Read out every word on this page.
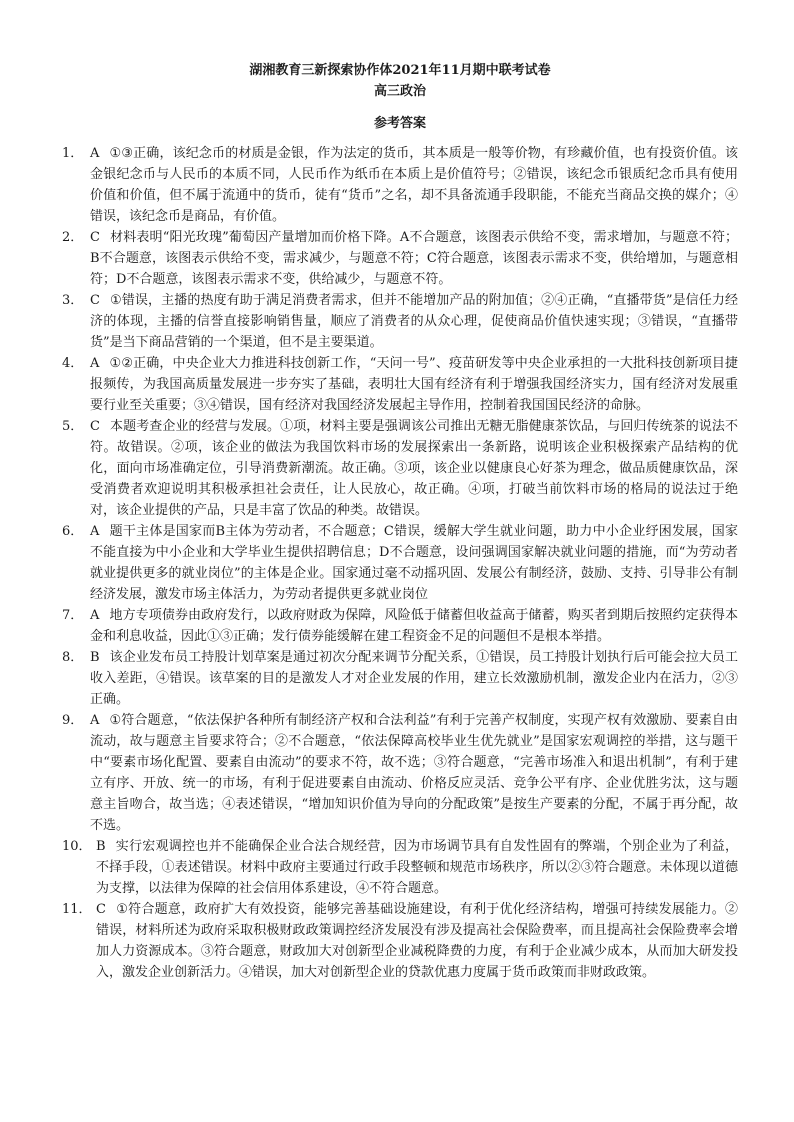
湖湘教育三新探索协作体2021年11月期中联考试卷
高三政治
参考答案
1． A ①③正确，该纪念币的材质是金银，作为法定的货币，其本质是一般等价物，有珍藏价值，也有投资价值。该金银纪念币与人民币的本质不同，人民币作为纸币在本质上是价值符号；②错误，该纪念币银质纪念币具有使用价值和价值，但不属于流通中的货币，徒有“货币”之名，却不具备流通手段职能，不能充当商品交换的媒介；④错误，该纪念币是商品，有价值。
2． C 材料表明“阳光玫瑰”葡萄因产量增加而价格下降。A不合题意，该图表示供给不变，需求增加，与题意不符；B不合题意，该图表示供给不变，需求减少，与题意不符；C符合题意，该图表示需求不变，供给增加，与题意相符；D不合题意，该图表示需求不变，供给减少，与题意不符。
3． C ①错误，主播的热度有助于满足消费者需求，但并不能增加产品的附加值；②④正确，“直播带货”是信任力经济的体现，主播的信誉直接影响销售量，顺应了消费者的从众心理，促使商品价值快速实现；③错误，“直播带货”是当下商品营销的一个渠道，但不是主要渠道。
4． A ①②正确，中央企业大力推进科技创新工作，“天问一号”、疫苗研发等中央企业承担的一大批科技创新项目捷报频传，为我国高质量发展进一步夯实了基础，表明壮大国有经济有利于增强我国经济实力，国有经济对发展重要行业至关重要；③④错误，国有经济对我国经济发展起主导作用，控制着我国国民经济的命脉。
5． C 本题考查企业的经营与发展。①项，材料主要是强调该公司推出无糖无脂健康茶饮品，与回归传统茶的说法不符。故错误。②项，该企业的做法为我国饮料市场的发展探索出一条新路，说明该企业积极探索产品结构的优化，面向市场准确定位，引导消费新潮流。故正确。③项，该企业以健康良心好茶为理念，做品质健康饮品，深受消费者欢迎说明其积极承担社会责任，让人民放心，故正确。④项，打破当前饮料市场的格局的说法过于绝对，该企业提供的产品，只是丰富了饮品的种类。故错误。
6． A 题干主体是国家而B主体为劳动者，不合题意；C错误，缓解大学生就业问题，助力中小企业纾困发展，国家不能直接为中小企业和大学毕业生提供招聘信息；D不合题意，设问强调国家解决就业问题的措施，而“为劳动者就业提供更多的就业岗位”的主体是企业。国家通过毫不动摇巩固、发展公有制经济，鼓励、支持、引导非公有制经济发展，激发市场主体活力，为劳动者提供更多就业岗位
7． A 地方专项债券由政府发行，以政府财政为保障，风险低于储蓄但收益高于储蓄，购买者到期后按照约定获得本金和利息收益，因此①③正确；发行债券能缓解在建工程资金不足的问题但不是根本举措。
8． B 该企业发布员工持股计划草案是通过初次分配来调节分配关系，①错误，员工持股计划执行后可能会拉大员工收入差距，④错误。该草案的目的是激发人才对企业发展的作用，建立长效激励机制，激发企业内在活力，②③正确。
9． A ①符合题意，“依法保护各种所有制经济产权和合法利益”有利于完善产权制度，实现产权有效激励、要素自由流动，故与题意主旨要求符合；②不合题意，“依法保障高校毕业生优先就业”是国家宏观调控的举措，这与题干中“要素市场化配置、要素自由流动”的要求不符，故不选；③符合题意，“完善市场准入和退出机制”，有利于建立有序、开放、统一的市场，有利于促进要素自由流动、价格反应灵活、竞争公平有序、企业优胜劣汰，这与题意主旨吻合，故当选；④表述错误，“增加知识价值为导向的分配政策”是按生产要素的分配，不属于再分配，故不选。
10． B 实行宏观调控也并不能确保企业合法合规经营，因为市场调节具有自发性固有的弊端，个别企业为了利益，不择手段，①表述错误。材料中政府主要通过行政手段整顿和规范市场秩序，所以②③符合题意。未体现以道德为支撑，以法律为保障的社会信用体系建设，④不符合题意。
11． C ①符合题意，政府扩大有效投资，能够完善基础设施建设，有利于优化经济结构，增强可持续发展能力。②错误，材料所述为政府采取积极财政政策调控经济发展没有涉及提高社会保险费率，而且提高社会保险费率会增加人力资源成本。③符合题意，财政加大对创新型企业减税降费的力度，有利于企业减少成本，从而加大研发投入，激发企业创新活力。④错误，加大对创新型企业的贷款优惠力度属于货币政策而非财政政策。
